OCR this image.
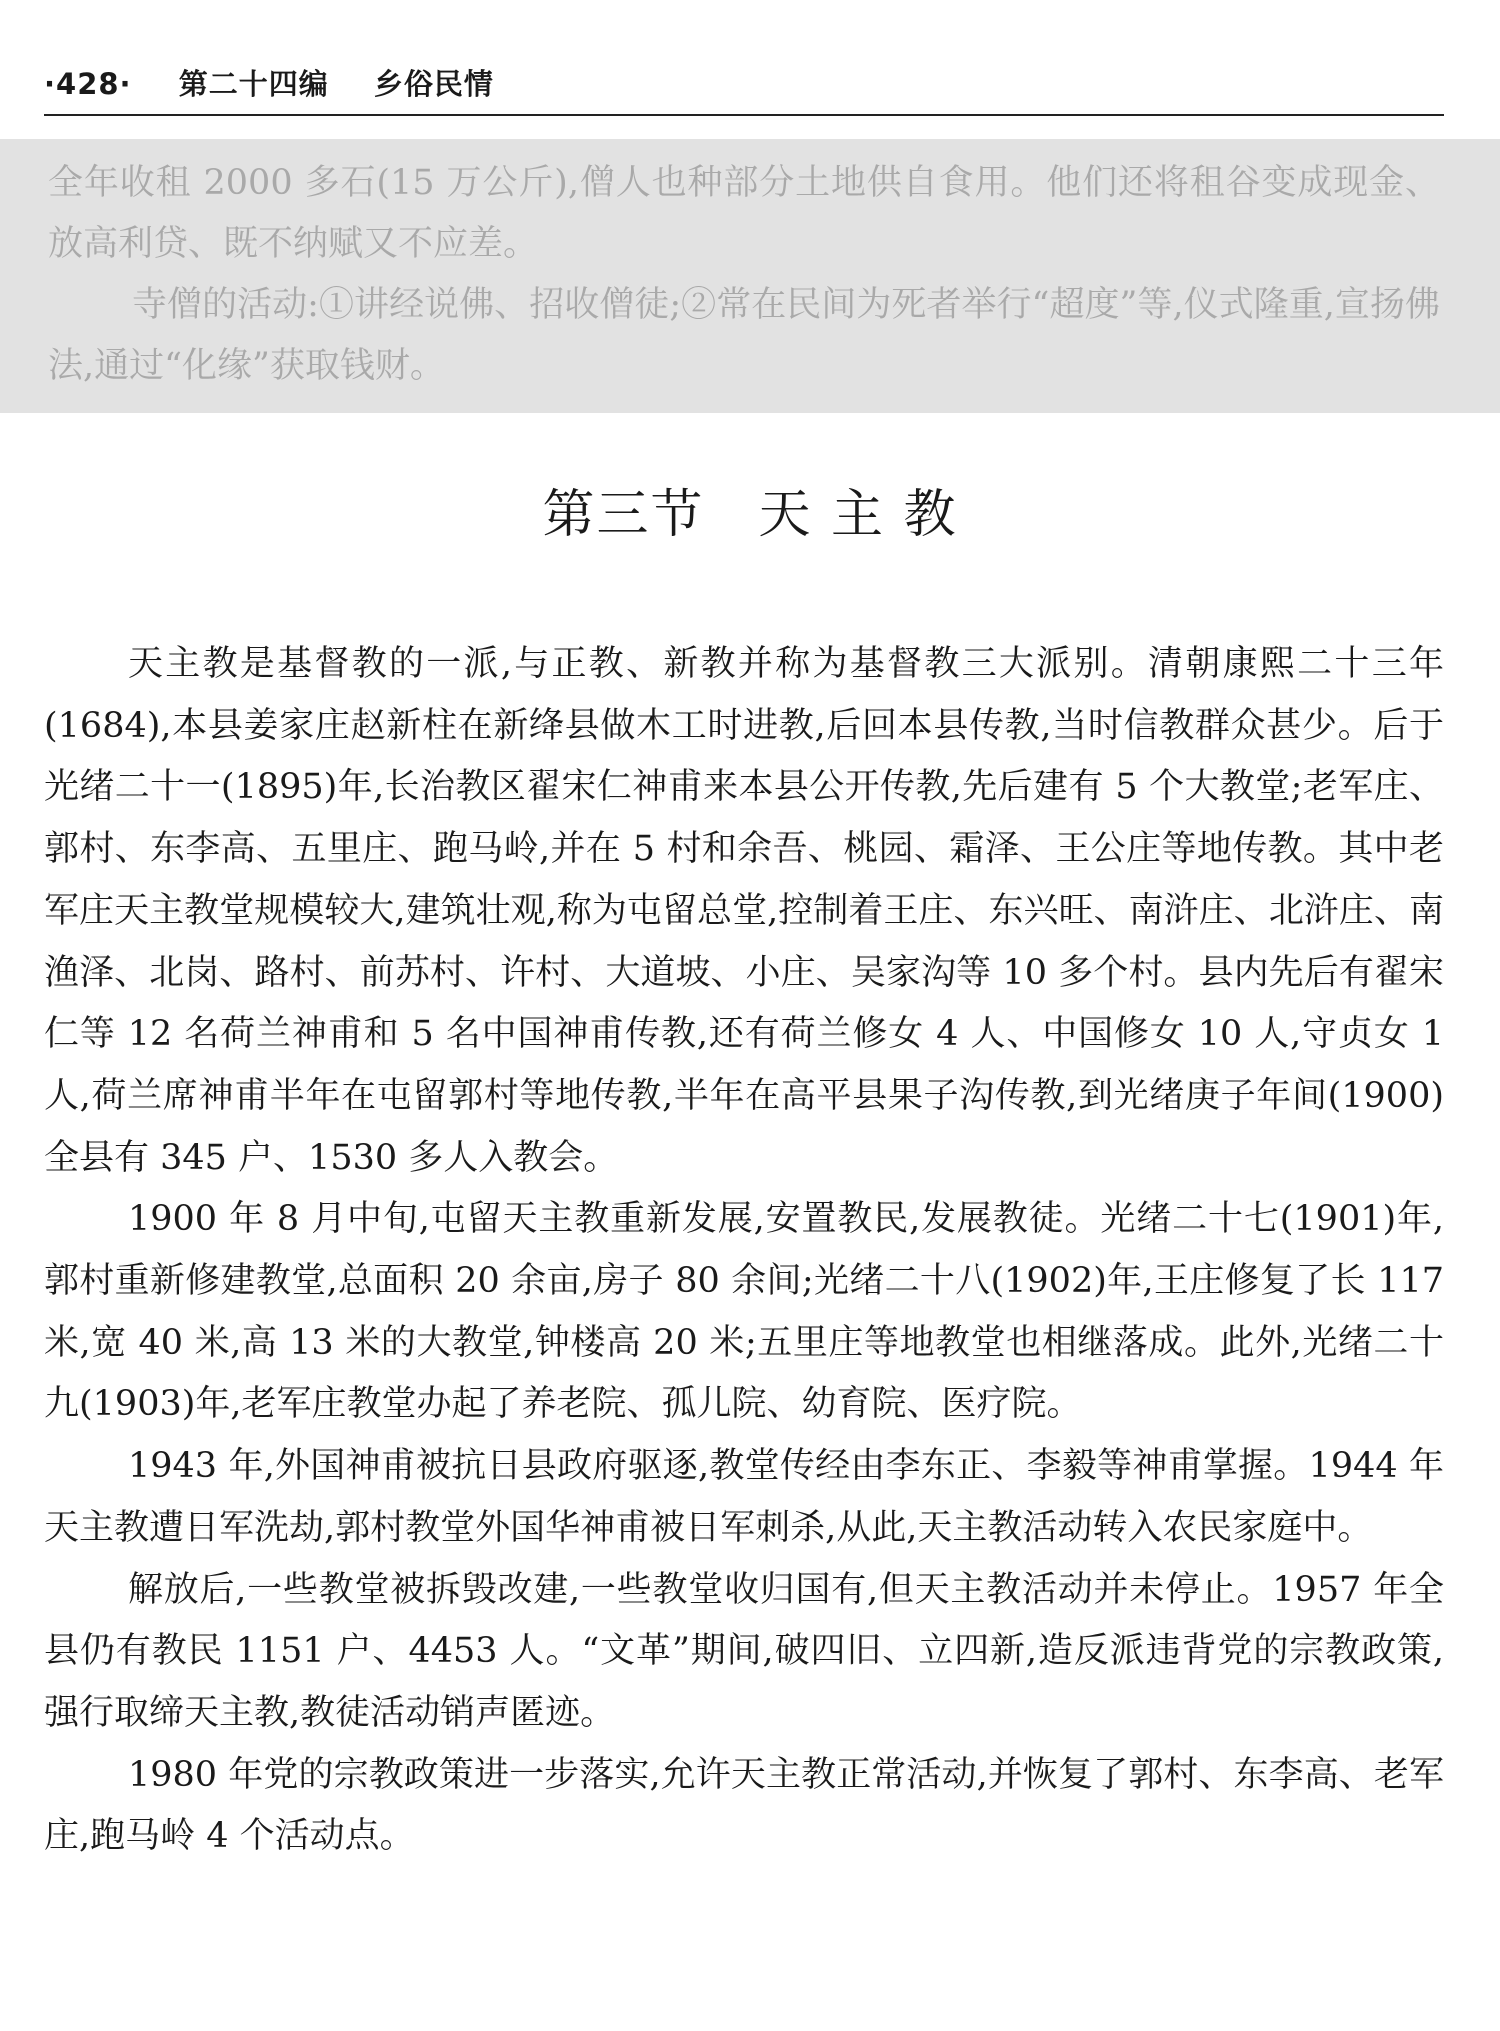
·428· 第二十四编 乡俗民情

全年收租 2000 多石(15 万公斤),僧人也种部分土地供自食用。他们还将租谷变成现金、放高利贷、既不纳赋又不应差。

寺僧的活动:①讲经说佛、招收僧徒;②常在民间为死者举行“超度”等,仪式隆重,宣扬佛法,通过“化缘”获取钱财。

第三节　天 主 教

天主教是基督教的一派,与正教、新教并称为基督教三大派别。清朝康熙二十三年(1684),本县姜家庄赵新柱在新绛县做木工时进教,后回本县传教,当时信教群众甚少。后于光绪二十一(1895)年,长治教区翟宋仁神甫来本县公开传教,先后建有 5 个大教堂;老军庄、郭村、东李高、五里庄、跑马岭,并在 5 村和余吾、桃园、霜泽、王公庄等地传教。其中老军庄天主教堂规模较大,建筑壮观,称为屯留总堂,控制着王庄、东兴旺、南浒庄、北浒庄、南渔泽、北岗、路村、前苏村、许村、大道坡、小庄、吴家沟等 10 多个村。县内先后有翟宋仁等 12 名荷兰神甫和 5 名中国神甫传教,还有荷兰修女 4 人、中国修女 10 人,守贞女 1 人,荷兰席神甫半年在屯留郭村等地传教,半年在高平县果子沟传教,到光绪庚子年间(1900)全县有 345 户、1530 多人入教会。

1900 年 8 月中旬,屯留天主教重新发展,安置教民,发展教徒。光绪二十七(1901)年,郭村重新修建教堂,总面积 20 余亩,房子 80 余间;光绪二十八(1902)年,王庄修复了长 117 米,宽 40 米,高 13 米的大教堂,钟楼高 20 米;五里庄等地教堂也相继落成。此外,光绪二十九(1903)年,老军庄教堂办起了养老院、孤儿院、幼育院、医疗院。

1943 年,外国神甫被抗日县政府驱逐,教堂传经由李东正、李毅等神甫掌握。1944 年天主教遭日军洗劫,郭村教堂外国华神甫被日军刺杀,从此,天主教活动转入农民家庭中。

解放后,一些教堂被拆毁改建,一些教堂收归国有,但天主教活动并未停止。1957 年全县仍有教民 1151 户、4453 人。“文革”期间,破四旧、立四新,造反派违背党的宗教政策,强行取缔天主教,教徒活动销声匿迹。

1980 年党的宗教政策进一步落实,允许天主教正常活动,并恢复了郭村、东李高、老军庄,跑马岭 4 个活动点。
